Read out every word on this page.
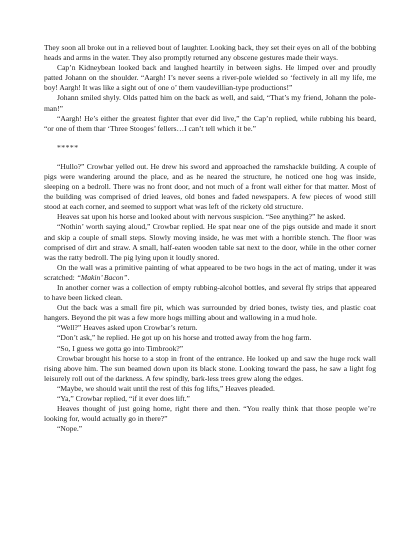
They soon all broke out in a relieved bout of laughter. Looking back, they set their eyes on all of the bobbing heads and arms in the water. They also promptly returned any obscene gestures made their ways.

Cap’n Kidneybean looked back and laughed heartily in between sighs. He limped over and proudly patted Johann on the shoulder. “Aargh! I’s never seens a river-pole wielded so ‘fectively in all my life, me boy! Aargh! It was like a sight out of one o’ them vaudevillian-type productions!”

Johann smiled shyly. Olds patted him on the back as well, and said, “That’s my friend, Johann the pole-man!”

“Aargh! He’s either the greatest fighter that ever did live,” the Cap’n replied, while rubbing his beard, “or one of them thar ‘Three Stooges’ fellers…I can’t tell which it be.”

*****

“Hullo?” Crowbar yelled out. He drew his sword and approached the ramshackle building. A couple of pigs were wandering around the place, and as he neared the structure, he noticed one hog was inside, sleeping on a bedroll. There was no front door, and not much of a front wall either for that matter. Most of the building was comprised of dried leaves, old bones and faded newspapers. A few pieces of wood still stood at each corner, and seemed to support what was left of the rickety old structure.

Heaves sat upon his horse and looked about with nervous suspicion. “See anything?” he asked.

“Nothin’ worth saying aloud,” Crowbar replied. He spat near one of the pigs outside and made it snort and skip a couple of small steps. Slowly moving inside, he was met with a horrible stench. The floor was comprised of dirt and straw. A small, half-eaten wooden table sat next to the door, while in the other corner was the ratty bedroll. The pig lying upon it loudly snored.

On the wall was a primitive painting of what appeared to be two hogs in the act of mating, under it was scratched: “Makin’ Bacon”.

In another corner was a collection of empty rubbing-alcohol bottles, and several fly strips that appeared to have been licked clean.

Out the back was a small fire pit, which was surrounded by dried bones, twisty ties, and plastic coat hangers. Beyond the pit was a few more hogs milling about and wallowing in a mud hole.

“Well?” Heaves asked upon Crowbar’s return.

“Don’t ask,” he replied. He got up on his horse and trotted away from the hog farm.

“So, I guess we gotta go into Timbrook?”

Crowbar brought his horse to a stop in front of the entrance. He looked up and saw the huge rock wall rising above him. The sun beamed down upon its black stone. Looking toward the pass, he saw a light fog leisurely roll out of the darkness. A few spindly, bark-less trees grew along the edges.

“Maybe, we should wait until the rest of this fog lifts,” Heaves pleaded.

“Ya,” Crowbar replied, “if it ever does lift.”

Heaves thought of just going home, right there and then. “You really think that those people we’re looking for, would actually go in there?”

“Nope.”
